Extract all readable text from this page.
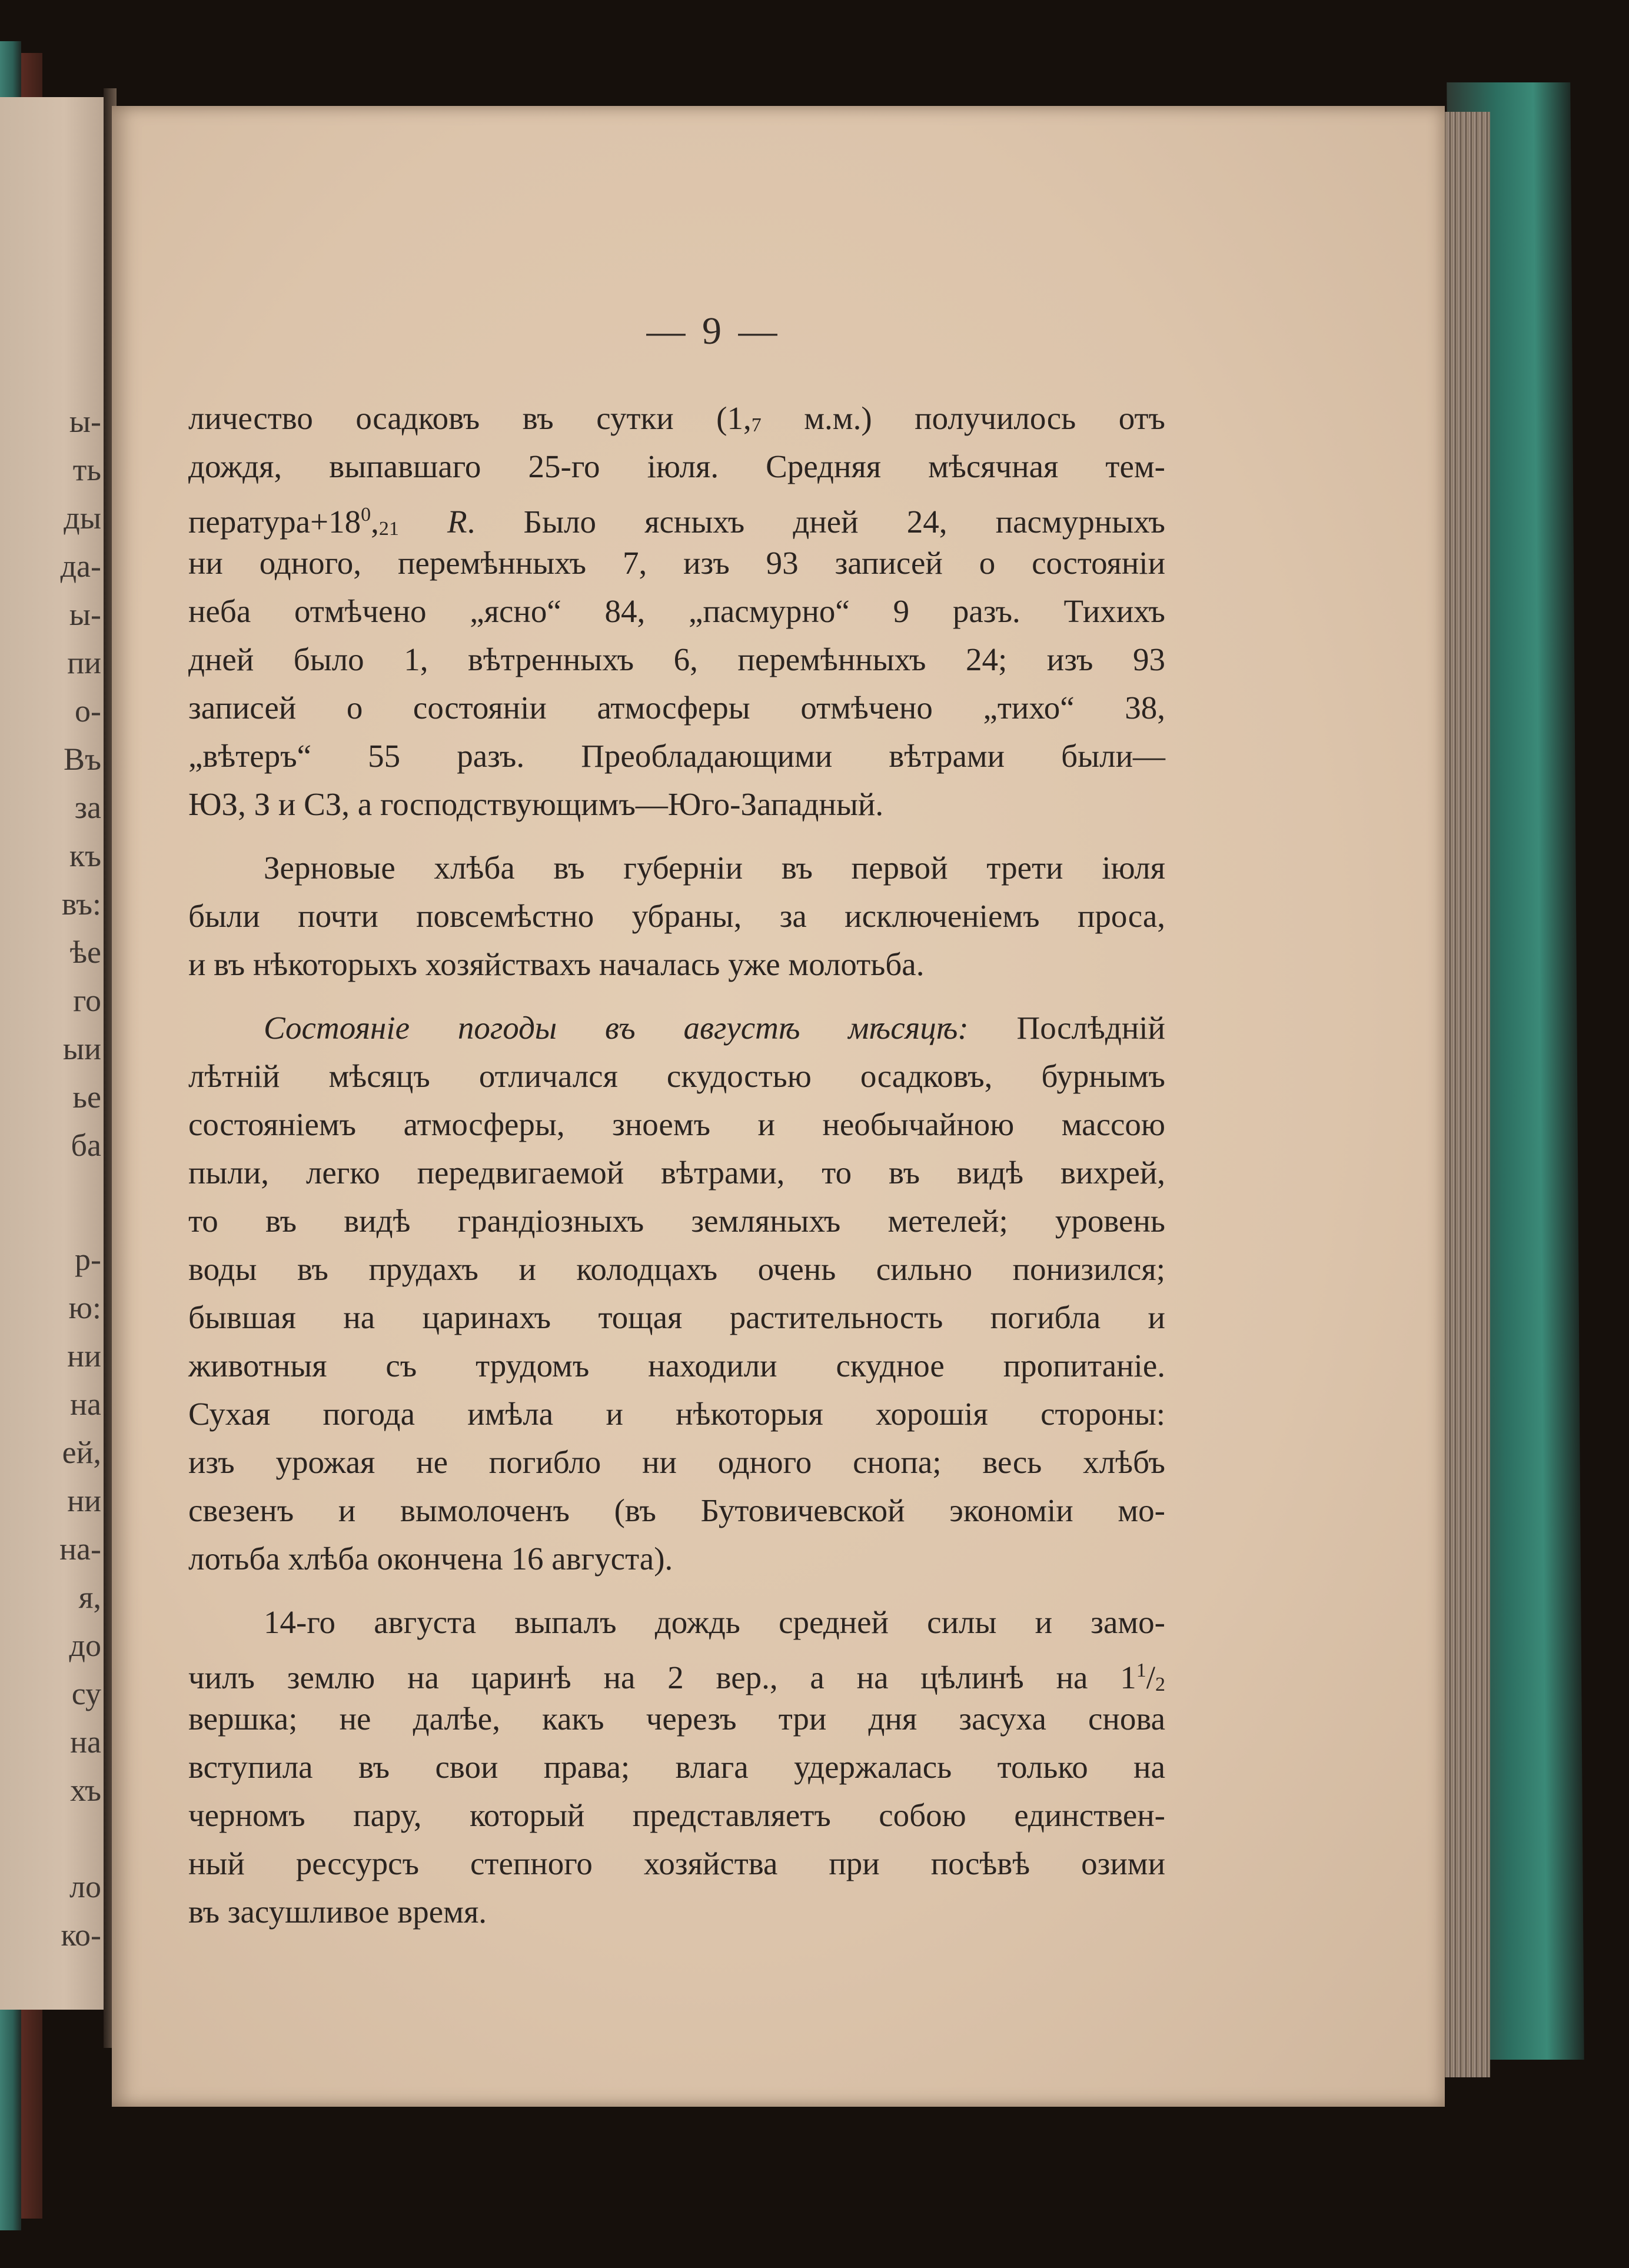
ы-
ть
ды
да-
ы-
пи
о-
Въ
за
къ
въ:
ѣе
го
ыи
ье
ба
р-
ю:
ни
на
ей,
ни
на-
я,
до
су
на
хъ
ло
ко-
— 9 —
личество осадковъ въ сутки (1,7 м.м.) получилось отъ
дождя, выпавшаго 25-го іюля. Средняя мѣсячная тем-
$пература+18^0,21$ R. Было ясныхъ дней 24, пасмурныхъ
ни одного, перемѣнныхъ 7, изъ 93 записей о состояніи
неба отмѣчено „ясно“ 84, „пасмурно“ 9 разъ. Тихихъ
дней было 1, вѣтренныхъ 6, перемѣнныхъ 24; изъ 93
записей о состояніи атмосферы отмѣчено „тихо“ 38,
„вѣтеръ“ 55 разъ. Преобладающими вѣтрами были—
ЮЗ, З и СЗ, а господствующимъ—Юго-Западный.
Зерновые хлѣба въ губерніи въ первой трети іюля
были почти повсемѣстно убраны, за исключеніемъ проса,
и въ нѣкоторыхъ хозяйствахъ началась уже молотьба.
Состояніе погоды въ августѣ мѣсяцѣ: Послѣдній
лѣтній мѣсяцъ отличался скудостью осадковъ, бурнымъ
состояніемъ атмосферы, зноемъ и необычайною массою
пыли, легко передвигаемой вѣтрами, то въ видѣ вихрей,
то въ видѣ грандіозныхъ земляныхъ метелей; уровень
воды въ прудахъ и колодцахъ очень сильно понизился;
бывшая на царинахъ тощая растительность погибла и
животныя съ трудомъ находили скудное пропитаніе.
Сухая погода имѣла и нѣкоторыя хорошія стороны:
изъ урожая не погибло ни одного снопа; весь хлѣбъ
свезенъ и вымолоченъ (въ Бутовичевской экономіи мо-
лотьба хлѣба окончена 16 августа).
14-го августа выпалъ дождь средней силы и замо-
чилъ землю на царинѣ на 2 вер., а на цѣлинѣ на $1^1/2$
вершка; не далѣе, какъ черезъ три дня засуха снова
вступила въ свои права; влага удержалась только на
черномъ пару, который представляетъ собою единствен-
ный рессурсъ степного хозяйства при посѣвѣ озими
въ засушливое время.
